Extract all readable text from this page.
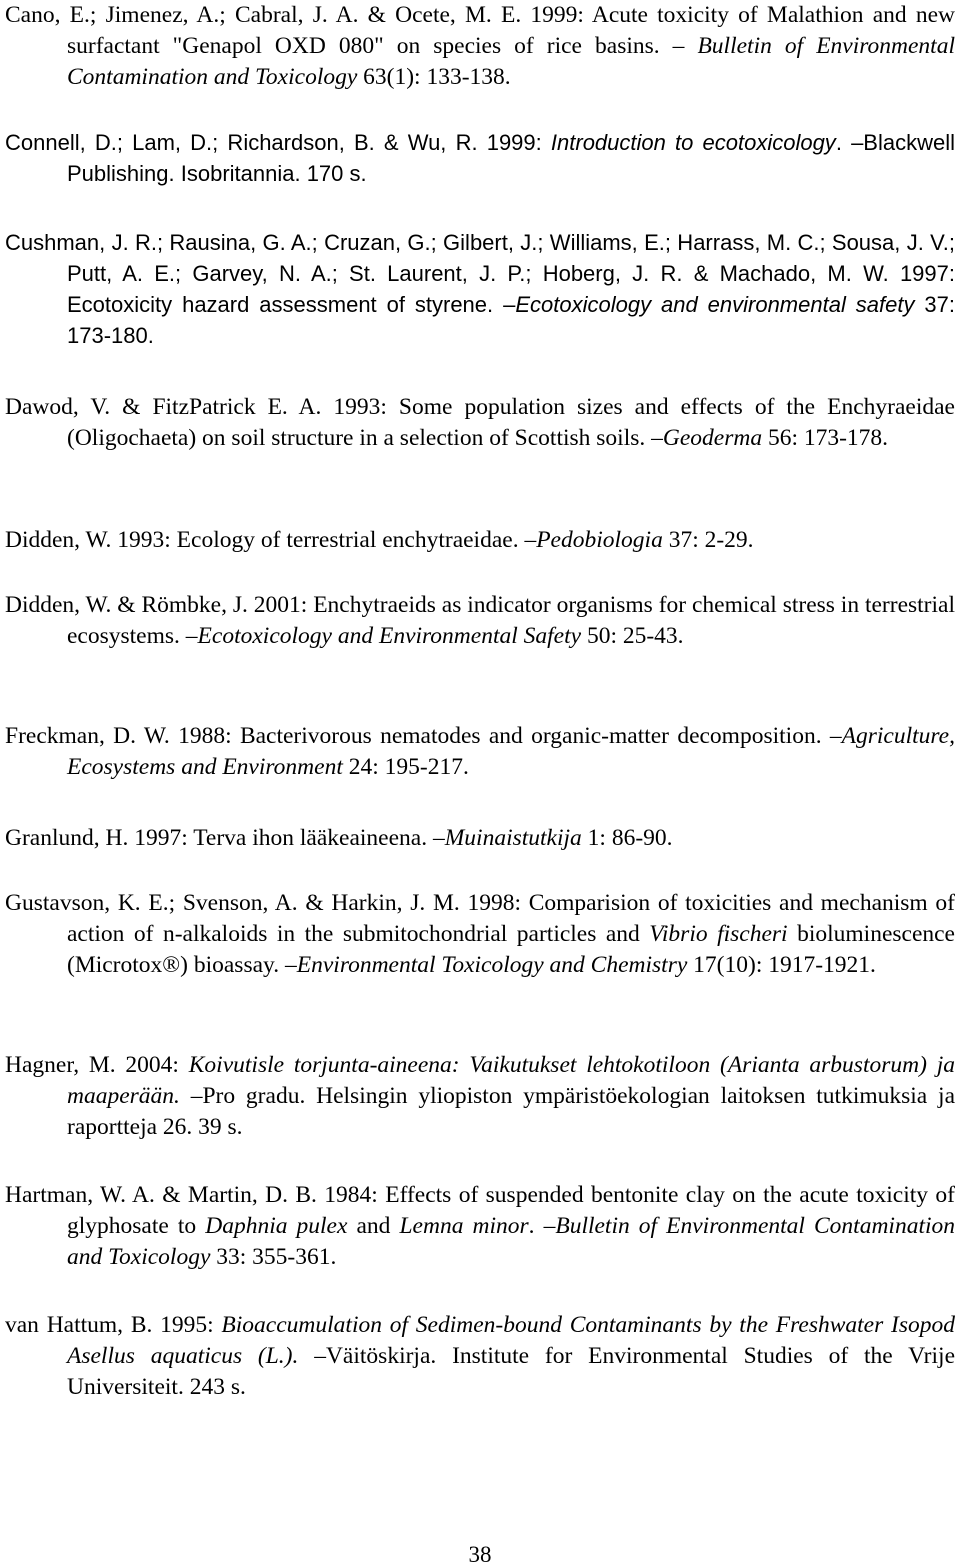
Cano, E.; Jimenez, A.; Cabral, J. A. & Ocete, M. E. 1999: Acute toxicity of Malathion and new surfactant "Genapol OXD 080" on species of rice basins. – Bulletin of Environmental Contamination and Toxicology 63(1): 133-138.
Connell, D.; Lam, D.; Richardson, B. & Wu, R. 1999: Introduction to ecotoxicology. –Blackwell Publishing. Isobritannia. 170 s.
Cushman, J. R.; Rausina, G. A.; Cruzan, G.; Gilbert, J.; Williams, E.; Harrass, M. C.; Sousa, J. V.; Putt, A. E.; Garvey, N. A.; St. Laurent, J. P.; Hoberg, J. R. & Machado, M. W. 1997: Ecotoxicity hazard assessment of styrene. –Ecotoxicology and environmental safety 37: 173-180.
Dawod, V. & FitzPatrick E. A. 1993: Some population sizes and effects of the Enchyraeidae (Oligochaeta) on soil structure in a selection of Scottish soils. –Geoderma 56: 173-178.
Didden, W. 1993: Ecology of terrestrial enchytraeidae. –Pedobiologia 37: 2-29.
Didden, W. & Römbke, J. 2001: Enchytraeids as indicator organisms for chemical stress in terrestrial ecosystems. –Ecotoxicology and Environmental Safety 50: 25-43.
Freckman, D. W. 1988: Bacterivorous nematodes and organic-matter decomposition. –Agriculture, Ecosystems and Environment 24: 195-217.
Granlund, H. 1997: Terva ihon lääkeaineena. –Muinaistutkija 1: 86-90.
Gustavson, K. E.; Svenson, A. & Harkin, J. M. 1998: Comparision of toxicities and mechanism of action of n-alkaloids in the submitochondrial particles and Vibrio fischeri bioluminescence (Microtox®) bioassay. –Environmental Toxicology and Chemistry 17(10): 1917-1921.
Hagner, M. 2004: Koivutisle torjunta-aineena: Vaikutukset lehtokotiloon (Arianta arbustorum) ja maaperään. –Pro gradu. Helsingin yliopiston ympäristöekologian laitoksen tutkimuksia ja raportteja 26. 39 s.
Hartman, W. A. & Martin, D. B. 1984: Effects of suspended bentonite clay on the acute toxicity of glyphosate to Daphnia pulex and Lemna minor. –Bulletin of Environmental Contamination and Toxicology 33: 355-361.
van Hattum, B. 1995: Bioaccumulation of Sedimen-bound Contaminants by the Freshwater Isopod Asellus aquaticus (L.). –Väitöskirja. Institute for Environmental Studies of the Vrije Universiteit. 243 s.
38
